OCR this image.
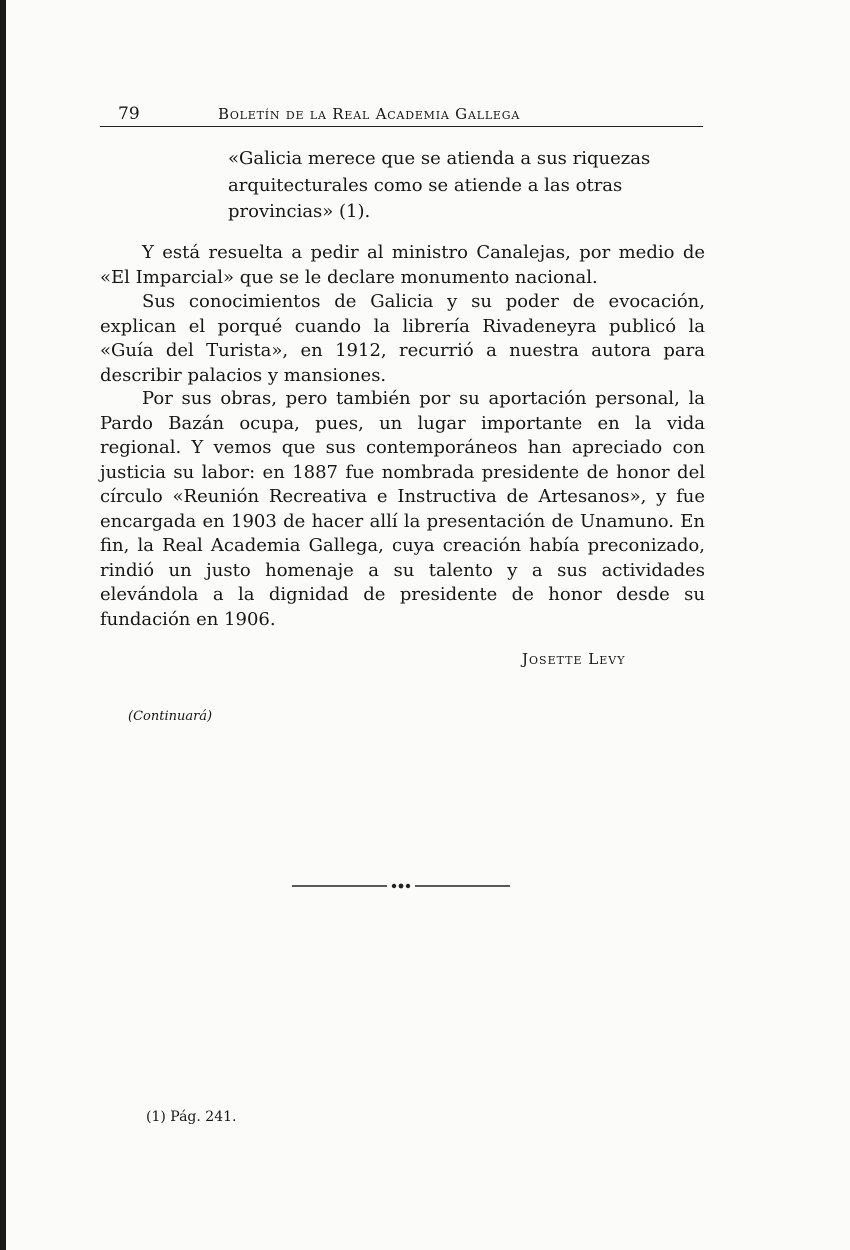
79	Boletín de la Real Academia Gallega
«Galicia merece que se atienda a sus riquezas arquitecturales como se atiende a las otras provincias» (1).

Y está resuelta a pedir al ministro Canalejas, por medio de «El Imparcial» que se le declare monumento nacional.

Sus conocimientos de Galicia y su poder de evocación, explican el porqué cuando la librería Rivadeneyra publicó la «Guía del Turista», en 1912, recurrió a nuestra autora para describir palacios y mansiones.

Por sus obras, pero también por su aportación personal, la Pardo Bazán ocupa, pues, un lugar importante en la vida regional. Y vemos que sus contemporáneos han apreciado con justicia su labor: en 1887 fue nombrada presidente de honor del círculo «Reunión Recreativa e Instructiva de Artesanos», y fue encargada en 1903 de hacer allí la presentación de Unamuno. En fin, la Real Academia Gallega, cuya creación había preconizado, rindió un justo homenaje a su talento y a sus actividades elevándola a la dignidad de presidente de honor desde su fundación en 1906.

Josette Levy
(Continuará)
(1) Pág. 241.
